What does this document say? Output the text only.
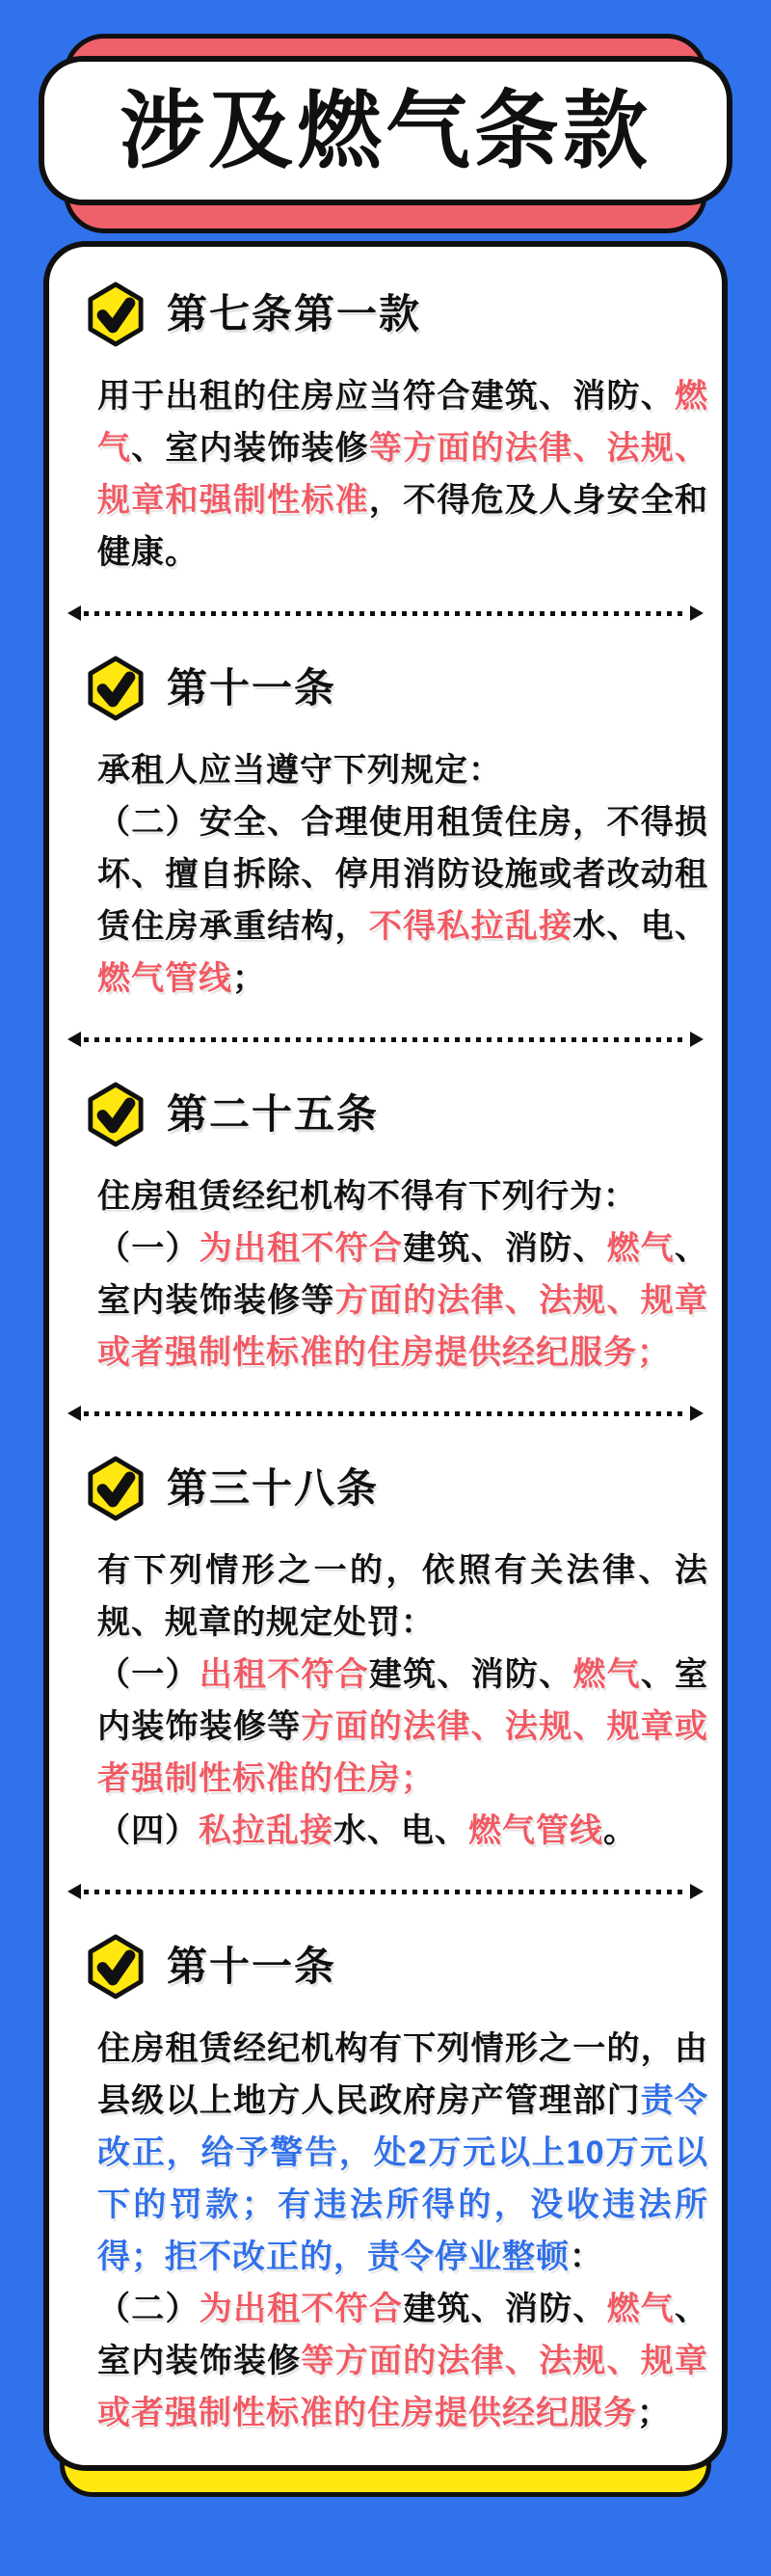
涉及燃气条款
第七条第一款

用于出租的住房应当符合建筑、消防、燃气、室内装饰装修等方面的法律、法规、规章和强制性标准，不得危及人身安全和健康。

第十一条

承租人应当遵守下列规定：

（二）安全、合理使用租赁住房，不得损坏、擅自拆除、停用消防设施或者改动租赁住房承重结构，不得私拉乱接水、电、燃气管线；

第二十五条

住房租赁经纪机构不得有下列行为：

（一）为出租不符合建筑、消防、燃气、室内装饰装修等方面的法律、法规、规章或者强制性标准的住房提供经纪服务；

第三十八条

有下列情形之一的，依照有关法律、法规、规章的规定处罚：

（一）出租不符合建筑、消防、燃气、室内装饰装修等方面的法律、法规、规章或者强制性标准的住房；

（四）私拉乱接水、电、燃气管线。

第十一条

住房租赁经纪机构有下列情形之一的，由县级以上地方人民政府房产管理部门责令改正，给予警告，处2万元以上10万元以下的罚款；有违法所得的，没收违法所得；拒不改正的，责令停业整顿：

（二）为出租不符合建筑、消防、燃气、室内装饰装修等方面的法律、法规、规章或者强制性标准的住房提供经纪服务；
